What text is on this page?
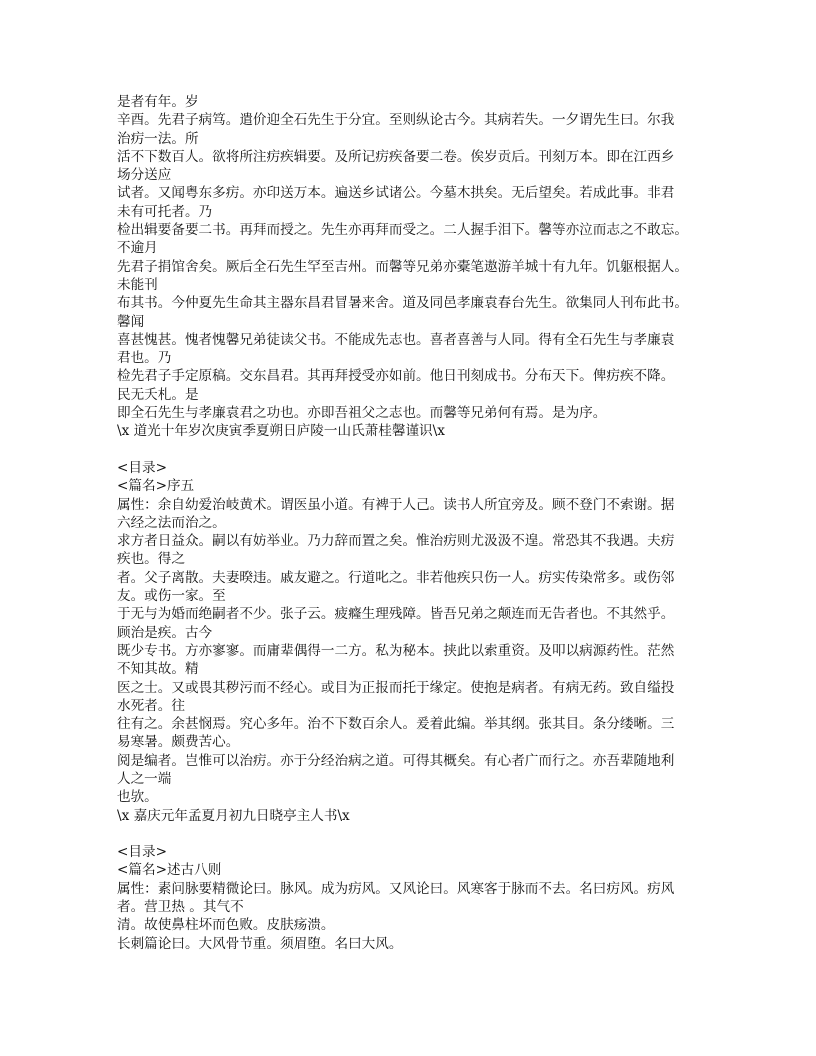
是者有年。岁
辛酉。先君子病笃。遣价迎全石先生于分宜。至则纵论古今。其病若失。一夕谓先生曰。尔我
治疠一法。所
活不下数百人。欲将所注疠疾辑要。及所记疠疾备要二卷。俟岁贡后。刊刻万本。即在江西乡
场分送应
试者。又闻粤东多疠。亦印送万本。遍送乡试诸公。今墓木拱矣。无后望矣。若成此事。非君
未有可托者。乃
检出辑要备要二书。再拜而授之。先生亦再拜而受之。二人握手泪下。馨等亦泣而志之不敢忘。
不逾月
先君子捐馆舍矣。厥后全石先生罕至吉州。而馨等兄弟亦橐笔遨游羊城十有九年。饥躯根据人。
未能刊
布其书。今仲夏先生命其主器东昌君冒暑来舍。道及同邑孝廉袁春台先生。欲集同人刊布此书。
馨闻
喜甚愧甚。愧者愧馨兄弟徒读父书。不能成先志也。喜者喜善与人同。得有全石先生与孝廉袁
君也。乃
检先君子手定原稿。交东昌君。其再拜授受亦如前。他日刊刻成书。分布天下。俾疠疾不降。
民无夭札。是
即全石先生与孝廉袁君之功也。亦即吾祖父之志也。而馨等兄弟何有焉。是为序。
\x 道光十年岁次庚寅季夏朔日庐陵一山氏萧桂馨谨识\x
<目录>
<篇名>序五
属性：余自幼爱治岐黄术。谓医虽小道。有裨于人己。读书人所宜旁及。顾不登门不索谢。据
六经之法而治之。
求方者日益众。嗣以有妨举业。乃力辞而置之矣。惟治疠则尤汲汲不遑。常恐其不我遇。夫疠
疾也。得之
者。父子离散。夫妻暌违。戚友避之。行道叱之。非若他疾只伤一人。疠实传染常多。或伤邻
友。或伤一家。至
于无与为婚而绝嗣者不少。张子云。疲癃生理残障。皆吾兄弟之颠连而无告者也。不其然乎。
顾治是疾。古今
既少专书。方亦寥寥。而庸辈偶得一二方。私为秘本。挟此以索重资。及叩以病源药性。茫然
不知其故。精
医之士。又或畏其秽污而不经心。或目为正报而托于缘定。使抱是病者。有病无药。致自缢投
水死者。往
往有之。余甚悯焉。究心多年。治不下数百余人。爰着此编。举其纲。张其目。条分缕晰。三
易寒暑。颇费苦心。
阅是编者。岂惟可以治疠。亦于分经治病之道。可得其概矣。有心者广而行之。亦吾辈随地利
人之一端
也欤。
\x 嘉庆元年孟夏月初九日晓亭主人书\x
<目录>
<篇名>述古八则
属性：素问脉要精微论曰。脉风。成为疠风。又风论曰。风寒客于脉而不去。名曰疠风。疠风
者。营卫热 。其气不
清。故使鼻柱坏而色败。皮肤疡溃。
长刺篇论曰。大风骨节重。须眉堕。名曰大风。
